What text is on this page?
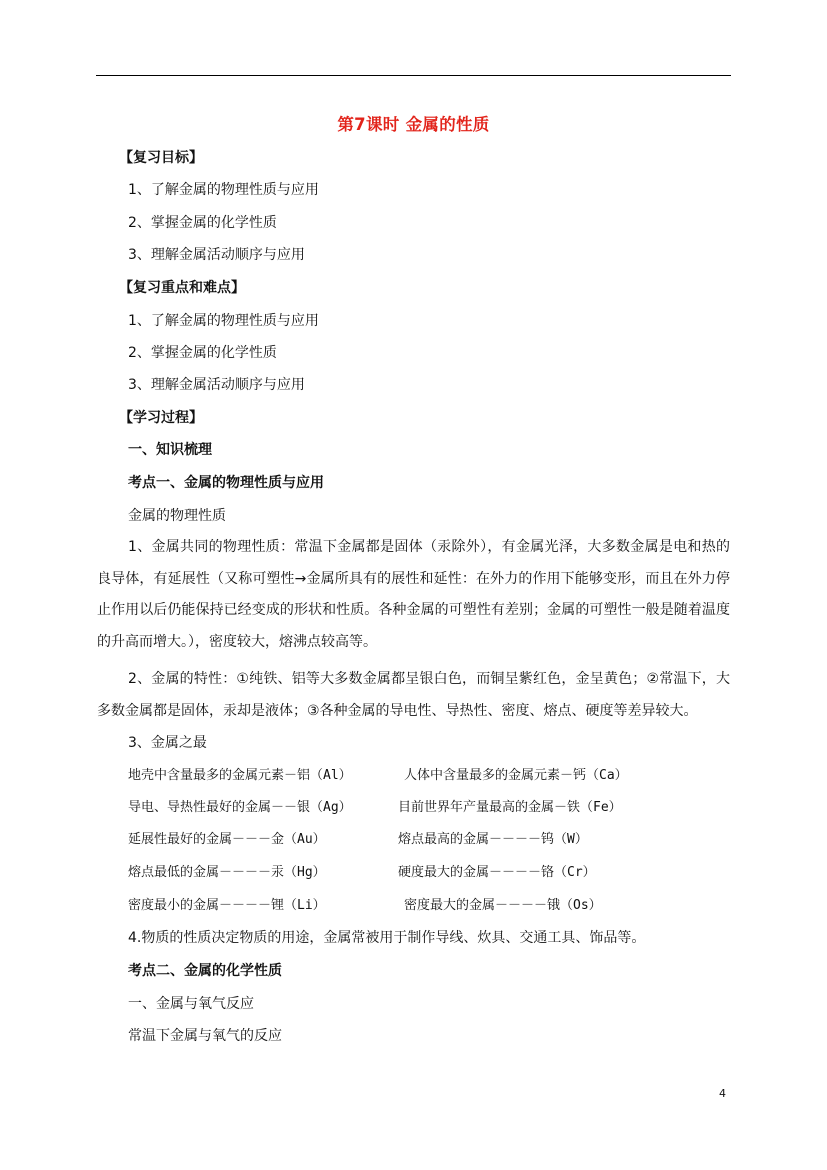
第7课时 金属的性质
【复习目标】
1、了解金属的物理性质与应用
2、掌握金属的化学性质
3、理解金属活动顺序与应用
【复习重点和难点】
1、了解金属的物理性质与应用
2、掌握金属的化学性质
3、理解金属活动顺序与应用
【学习过程】
一、知识梳理
考点一、金属的物理性质与应用
金属的物理性质
1、金属共同的物理性质：常温下金属都是固体（汞除外），有金属光泽，大多数金属是电和热的良导体，有延展性（又称可塑性→金属所具有的展性和延性：在外力的作用下能够变形，而且在外力停止作用以后仍能保持已经变成的形状和性质。各种金属的可塑性有差别；金属的可塑性一般是随着温度的升高而增大。），密度较大，熔沸点较高等。
2、金属的特性：①纯铁、铝等大多数金属都呈银白色，而铜呈紫红色，金呈黄色；②常温下，大多数金属都是固体，汞却是液体；③各种金属的导电性、导热性、密度、熔点、硬度等差异较大。
3、金属之最
地壳中含量最多的金属元素－铝（Al）	人体中含量最多的金属元素－钙（Ca）
导电、导热性最好的金属－－银（Ag）	目前世界年产量最高的金属－铁（Fe）
延展性最好的金属－－－金（Au）	熔点最高的金属－－－－钨（W）
熔点最低的金属－－－－汞（Hg）	硬度最大的金属－－－－铬（Cr）
密度最小的金属－－－－锂（Li）	密度最大的金属－－－－锇（Os）
4.物质的性质决定物质的用途，金属常被用于制作导线、炊具、交通工具、饰品等。
考点二、金属的化学性质
一、金属与氧气反应
常温下金属与氧气的反应
4
